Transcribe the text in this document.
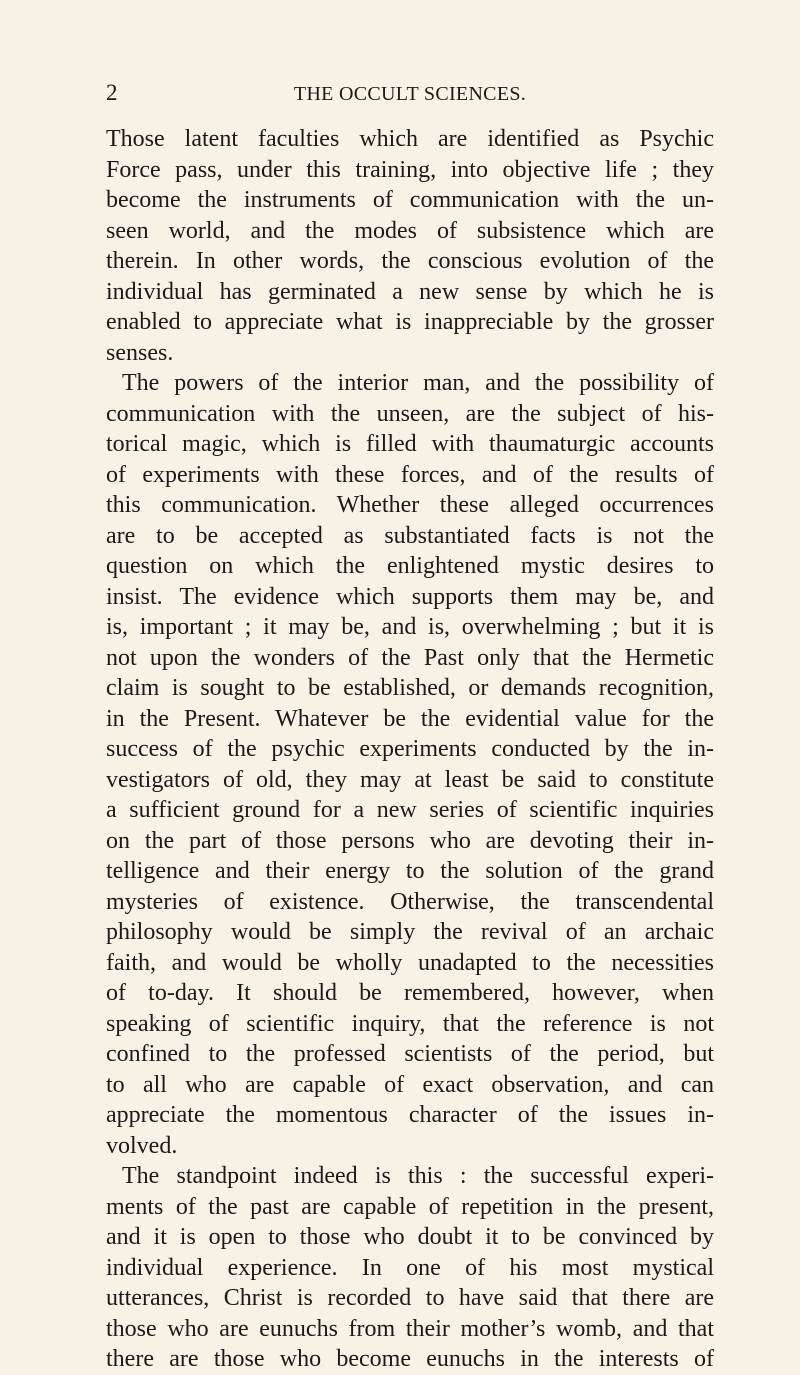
2	THE OCCULT SCIENCES.
Those latent faculties which are identified as Psychic
Force pass, under this training, into objective life ; they
become the instruments of communication with the un-
seen world, and the modes of subsistence which are
therein. In other words, the conscious evolution of the
individual has germinated a new sense by which he is
enabled to appreciate what is inappreciable by the grosser
senses.
The powers of the interior man, and the possibility of
communication with the unseen, are the subject of his-
torical magic, which is filled with thaumaturgic accounts
of experiments with these forces, and of the results of
this communication. Whether these alleged occurrences
are to be accepted as substantiated facts is not the
question on which the enlightened mystic desires to
insist. The evidence which supports them may be, and
is, important ; it may be, and is, overwhelming ; but it is
not upon the wonders of the Past only that the Hermetic
claim is sought to be established, or demands recognition,
in the Present. Whatever be the evidential value for the
success of the psychic experiments conducted by the in-
vestigators of old, they may at least be said to constitute
a sufficient ground for a new series of scientific inquiries
on the part of those persons who are devoting their in-
telligence and their energy to the solution of the grand
mysteries of existence. Otherwise, the transcendental
philosophy would be simply the revival of an archaic
faith, and would be wholly unadapted to the necessities
of to-day. It should be remembered, however, when
speaking of scientific inquiry, that the reference is not
confined to the professed scientists of the period, but
to all who are capable of exact observation, and can
appreciate the momentous character of the issues in-
volved.
The standpoint indeed is this : the successful experi-
ments of the past are capable of repetition in the present,
and it is open to those who doubt it to be convinced by
individual experience. In one of his most mystical
utterances, Christ is recorded to have said that there are
those who are eunuchs from their mother’s womb, and that
there are those who become eunuchs in the interests of
